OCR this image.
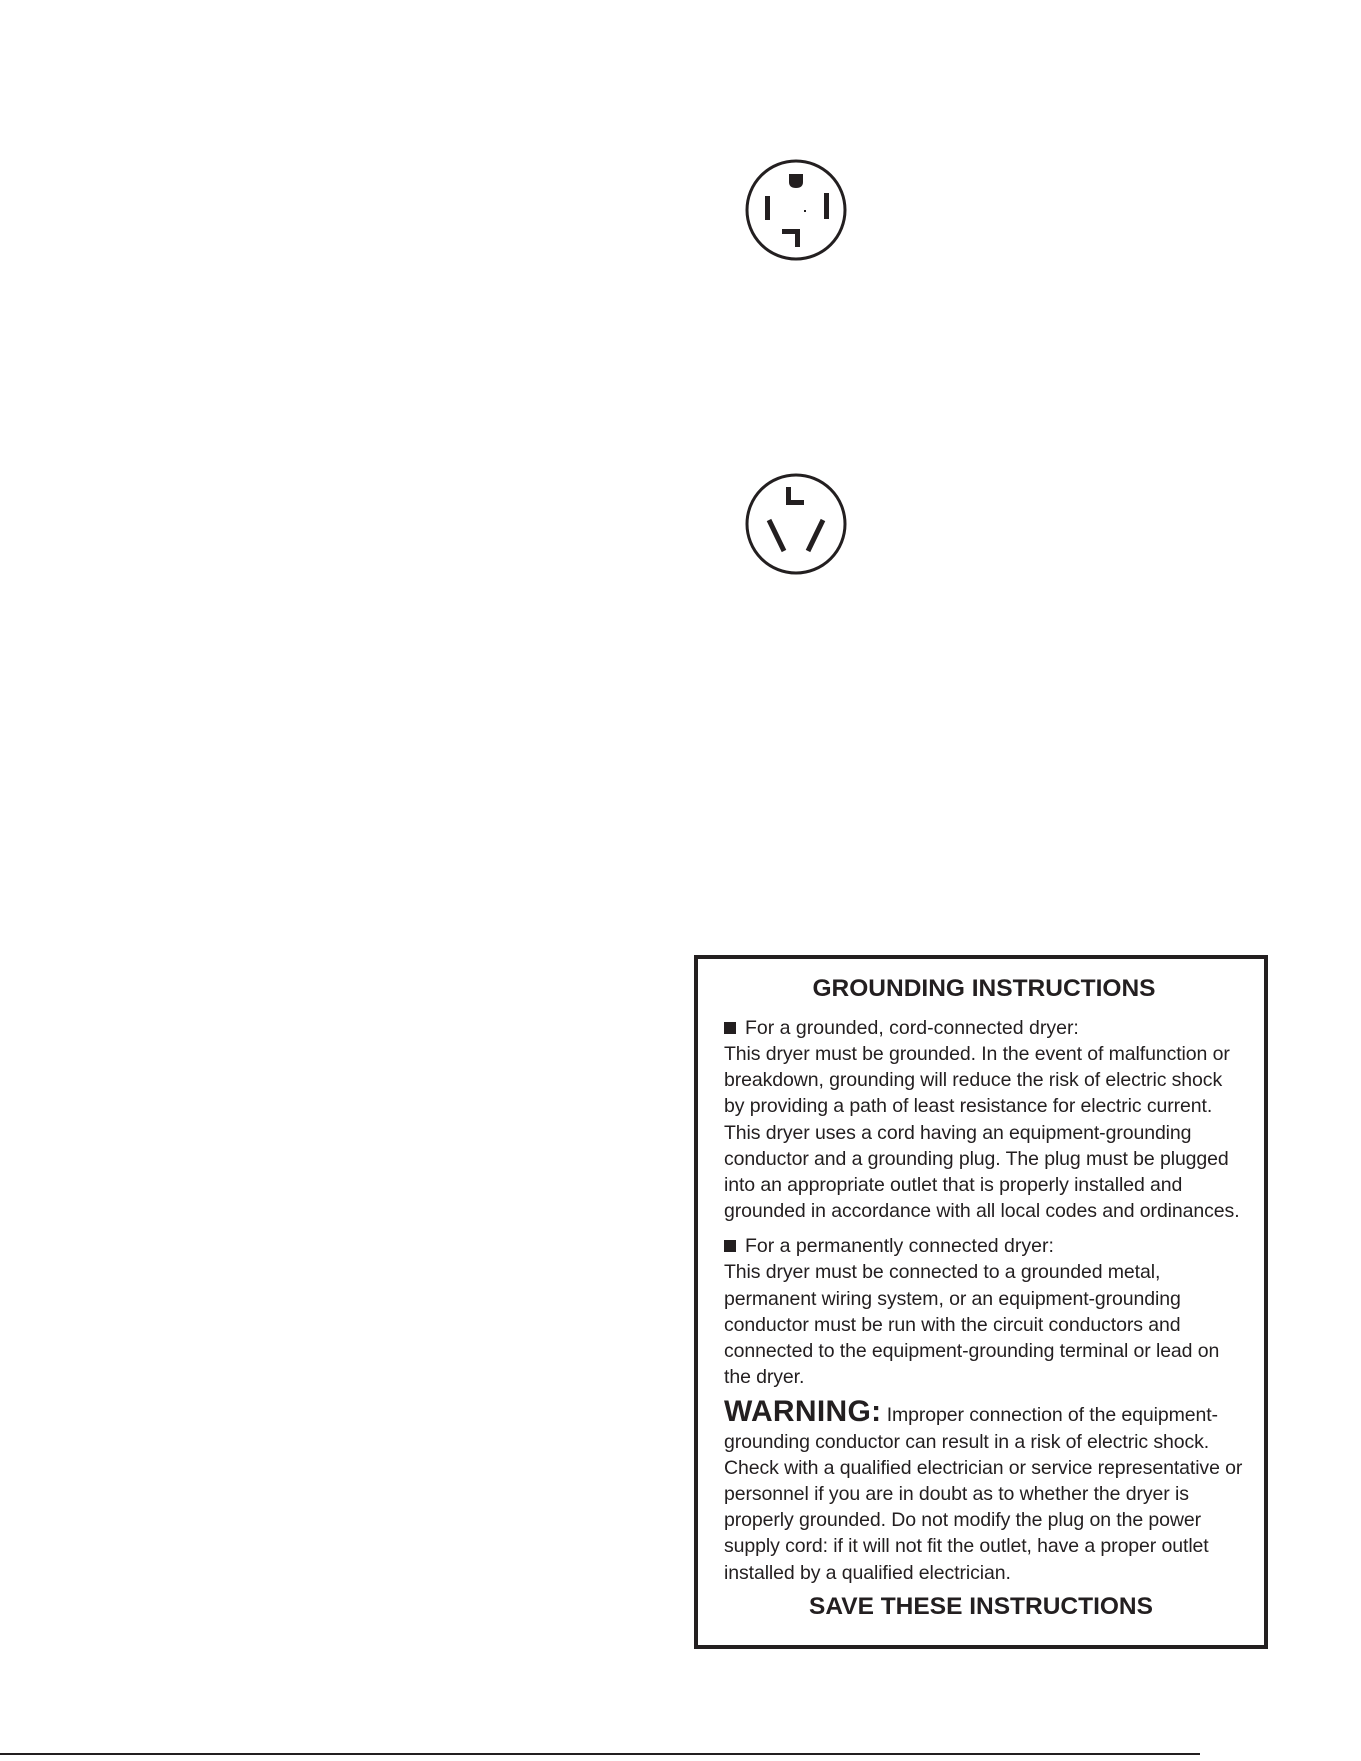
GROUNDING INSTRUCTIONS

For a grounded, cord-connected dryer:

This dryer must be grounded. In the event of malfunction or breakdown, grounding will reduce the risk of electric shock by providing a path of least resistance for electric current. This dryer uses a cord having an equipment-grounding conductor and a grounding plug. The plug must be plugged into an appropriate outlet that is properly installed and grounded in accordance with all local codes and ordinances.

For a permanently connected dryer:

This dryer must be connected to a grounded metal, permanent wiring system, or an equipment-grounding conductor must be run with the circuit conductors and connected to the equipment-grounding terminal or lead on the dryer.

WARNING: Improper connection of the equipment-grounding conductor can result in a risk of electric shock. Check with a qualified electrician or service representative or personnel if you are in doubt as to whether the dryer is properly grounded. Do not modify the plug on the power supply cord: if it will not fit the outlet, have a proper outlet installed by a qualified electrician.

SAVE THESE INSTRUCTIONS
